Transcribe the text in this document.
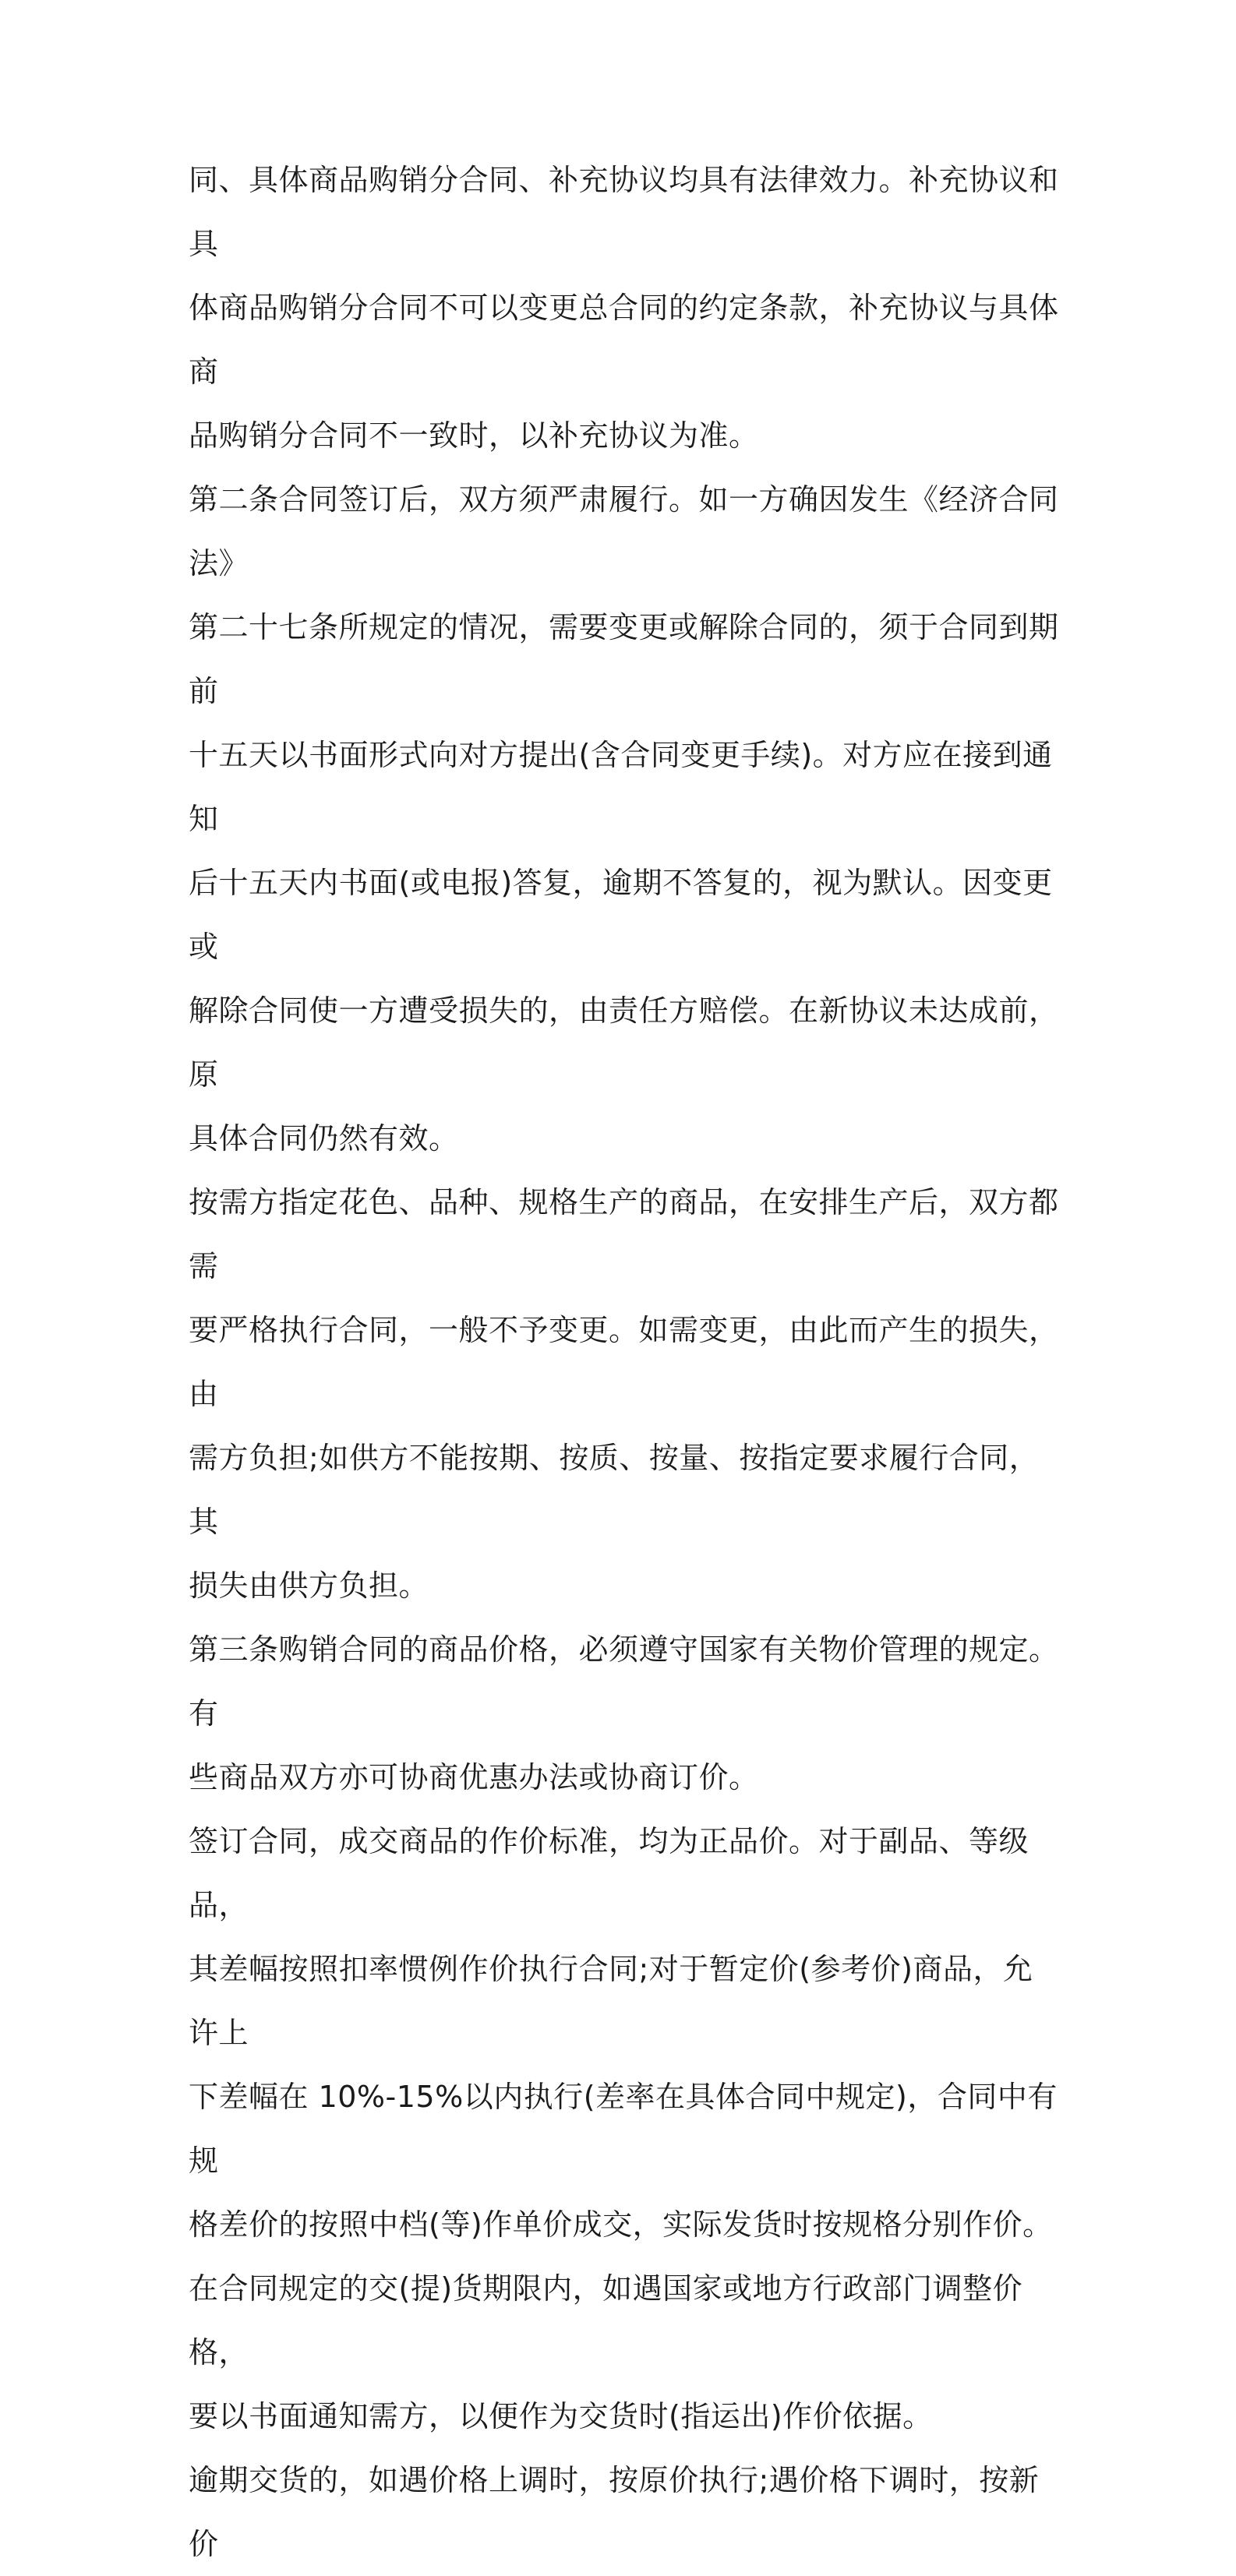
同、具体商品购销分合同、补充协议均具有法律效力。补充协议和具
体商品购销分合同不可以变更总合同的约定条款，补充协议与具体商
品购销分合同不一致时，以补充协议为准。

第二条合同签订后，双方须严肃履行。如一方确因发生《经济合同法》
第二十七条所规定的情况，需要变更或解除合同的，须于合同到期前
十五天以书面形式向对方提出(含合同变更手续)。对方应在接到通知
后十五天内书面(或电报)答复，逾期不答复的，视为默认。因变更或
解除合同使一方遭受损失的，由责任方赔偿。在新协议未达成前，原
具体合同仍然有效。

按需方指定花色、品种、规格生产的商品，在安排生产后，双方都需
要严格执行合同，一般不予变更。如需变更，由此而产生的损失，由
需方负担;如供方不能按期、按质、按量、按指定要求履行合同，其
损失由供方负担。

第三条购销合同的商品价格，必须遵守国家有关物价管理的规定。有
些商品双方亦可协商优惠办法或协商订价。

签订合同，成交商品的作价标准，均为正品价。对于副品、等级品，
其差幅按照扣率惯例作价执行合同;对于暂定价(参考价)商品，允许上
下差幅在 10%-15%以内执行(差率在具体合同中规定)，合同中有规
格差价的按照中档(等)作单价成交，实际发货时按规格分别作价。

在合同规定的交(提)货期限内，如遇国家或地方行政部门调整价格，
要以书面通知需方，以便作为交货时(指运出)作价依据。

逾期交货的，如遇价格上调时，按原价执行;遇价格下调时，按新价
